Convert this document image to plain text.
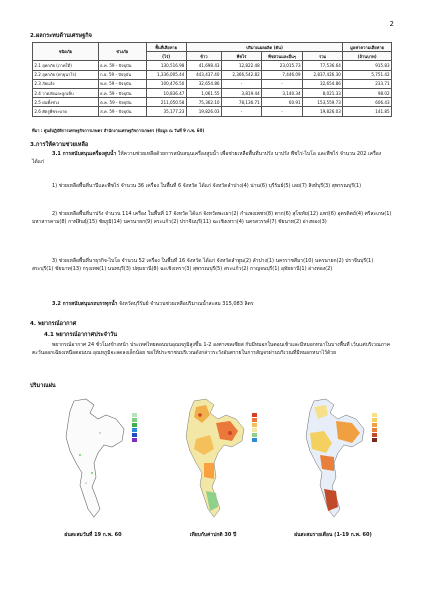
2
2.ผลกระทบด้านเศรษฐกิจ
ชนิดภัย	ช่วงภัย	พื้นที่เสียหาย	ปริมาณผลผลิต (ตัน)				มูลค่าความเสียหาย
		(ไร่)	ข้าว	พืชไร่	พืชสวนและอื่นๆ	รวม	(ล้านบาท)
2.1 อุทกภัย (ภาคใต้)	ธ.ค. 59 - ปัจจุบัน	130,516.98	41,698.43	12,822.48	23,015.73	77,536.64	915.83
2.2 อุทกภัย (พายุนาโร)	ก.ย. 59 - ปัจจุบัน	1,336,005.44	443,437.40	2,366,542.82	7,446.09	2,837,426.30	5,751.42
2.3 ภัยแล้ง	พ.ย. 59 - ปัจจุบัน	100,476.50	32,654.86	-	-	32,654.86	233.71
2.4 วาตภัยและลูกเห็บ	ธ.ค. 59 - ปัจจุบัน	10,836.47	1,061.55	3,819.44	3,140.34	8,021.33	98.02
2.5 ฝนทิ้งช่วง	ต.ค. 59 - ปัจจุบัน	211,050.58	75,362.10	78,136.71	60.91	153,559.73	606.43
2.6 ศัตรูพืชระบาด	ส.ค. 59 - ปัจจุบัน	35,177.23	19,826.03	-	-	19,826.03	141.85
ที่มา : ศูนย์ปฏิบัติการเศรษฐกิจการเกษตร สำนักงานเศรษฐกิจการเกษตร (ข้อมูล ณ วันที่ 9 ก.พ. 60)
3.การให้ความช่วยเหลือ
3.1 การสนับสนุนเครื่องสูบน้ำ ให้ความช่วยเหลือด้วยการสนับสนุนเครื่องสูบน้ำ เพื่อช่วยเหลือพื้นที่นาปรัง นาปรัง พืชไร่-ไบโอ และพืชไร่ จำนวน 202 เครื่อง ได้แก่
1) ช่วยเหลือพื้นที่นาปีและพืชไร่ จำนวน 36 เครื่อง ในพื้นที่ 6 จังหวัด ได้แก่ จังหวัดลำปาง(4) น่าน(6) บุรีรัมย์(5) เลย(7) สิงห์บุรี(3) สุพรรณบุรี(1)
2) ช่วยเหลือพื้นที่นาปรัง จำนวน 114 เครื่อง ในพื้นที่ 17 จังหวัด ได้แก่ จังหวัดพะเยา(2) กำแพงเพชร(8) ตาก(6) สุโขทัย(12) แพร่(6) อุตรดิตถ์(4) ศรีสะเกษ(1) มหาสารคาม(8) กาฬสินธุ์(15) ชัยภูมิ(14) นครนายก(9) สระแก้ว(2) ปราจีนบุรี(11) ฉะเชิงเทรา(4) นครสวรรค์(7) ชัยนาท(2) อ่างทอง(3)
3) ช่วยเหลือพื้นที่นาธุรกิจ-ไบโอ จำนวน 52 เครื่อง ในพื้นที่ 16 จังหวัด ได้แก่ จังหวัดลำพูน(2) ลำปาง(1) นครราชสีมา(10) นครนายก(2) ปราจีนบุรี(1) สระบุรี(1) ชัยนาท(13) กรุงเทพ(1) นนทบุรี(3) ปทุมธานี(8) ฉะเชิงเทรา(3) สุพรรณบุรี(5) สระแก้ว(2) กาญจนบุรี(1) อุทัยธานี(1) อ่างทอง(2)
3.2 การสนับสนุนรถบรรทุกน้ำ จังหวัดบุรีรัมย์ จำนวนช่วยเหลือปริมาณน้ำสะสม 315,083 ลิตร
4. พยากรณ์อากาศ
4.1 พยากรณ์อากาศประจำวัน
พยากรณ์อากาศ 24 ชั่วโมงข้างหน้า ประเทศไทยตอนบนอุณหภูมิสูงขึ้น 1-2 องศาเซลเซียส กับมีหมอกในตอนเช้าและมีหมอกหนาในบางพื้นที่ เว้นแต่บริเวณภาคตะวันออกเฉียงเหนือตอนบน อุณหภูมิจะลดลงเล็กน้อย ขอให้ประชาชนบริเวณดังกล่าวระวังอันตรายในการสัญจรผ่านบริเวณที่มีหมอกหนาไว้ด้วย
ปริมาณฝน
ฝนสะสมวันที่ 19 ก.พ. 60	เทียบกับค่าปกติ 30 ปี	ฝนสะสมรายเดือน (1-19 ก.พ. 60)
